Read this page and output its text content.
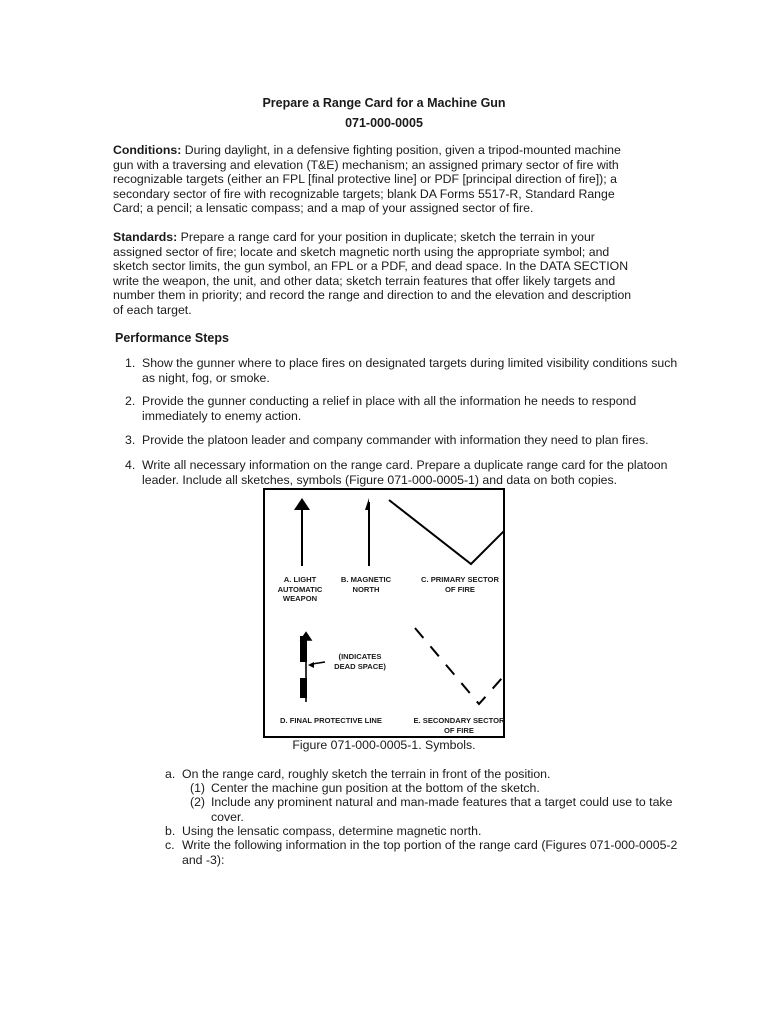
Prepare a Range Card for a Machine Gun
071-000-0005
Conditions: During daylight, in a defensive fighting position, given a tripod-mounted machine
gun with a traversing and elevation (T&E) mechanism; an assigned primary sector of fire with
recognizable targets (either an FPL [final protective line] or PDF [principal direction of fire]); a
secondary sector of fire with recognizable targets; blank DA Forms 5517-R, Standard Range
Card; a pencil; a lensatic compass; and a map of your assigned sector of fire.
Standards: Prepare a range card for your position in duplicate; sketch the terrain in your
assigned sector of fire; locate and sketch magnetic north using the appropriate symbol; and
sketch sector limits, the gun symbol, an FPL or a PDF, and dead space. In the DATA SECTION
write the weapon, the unit, and other data; sketch terrain features that offer likely targets and
number them in priority; and record the range and direction to and the elevation and description
of each target.
Performance Steps
1. Show the gunner where to place fires on designated targets during limited visibility conditions such
as night, fog, or smoke.
2. Provide the gunner conducting a relief in place with all the information he needs to respond
immediately to enemy action.
3. Provide the platoon leader and company commander with information they need to plan fires.
4. Write all necessary information on the range card. Prepare a duplicate range card for the platoon
leader. Include all sketches, symbols (Figure 071-000-0005-1) and data on both copies.
A. LIGHT
AUTOMATIC
WEAPON
B. MAGNETIC
NORTH
C. PRIMARY SECTOR OF FIRE
(INDICATES
DEAD SPACE)
D. FINAL PROTECTIVE LINE	E. SECONDARY SECTOR OF FIRE
Figure 071-000-0005-1. Symbols.
a. On the range card, roughly sketch the terrain in front of the position.
(1) Center the machine gun position at the bottom of the sketch.
(2) Include any prominent natural and man-made features that a target could use to take
cover.
b. Using the lensatic compass, determine magnetic north.
c. Write the following information in the top portion of the range card (Figures 071-000-0005-2
and -3):
